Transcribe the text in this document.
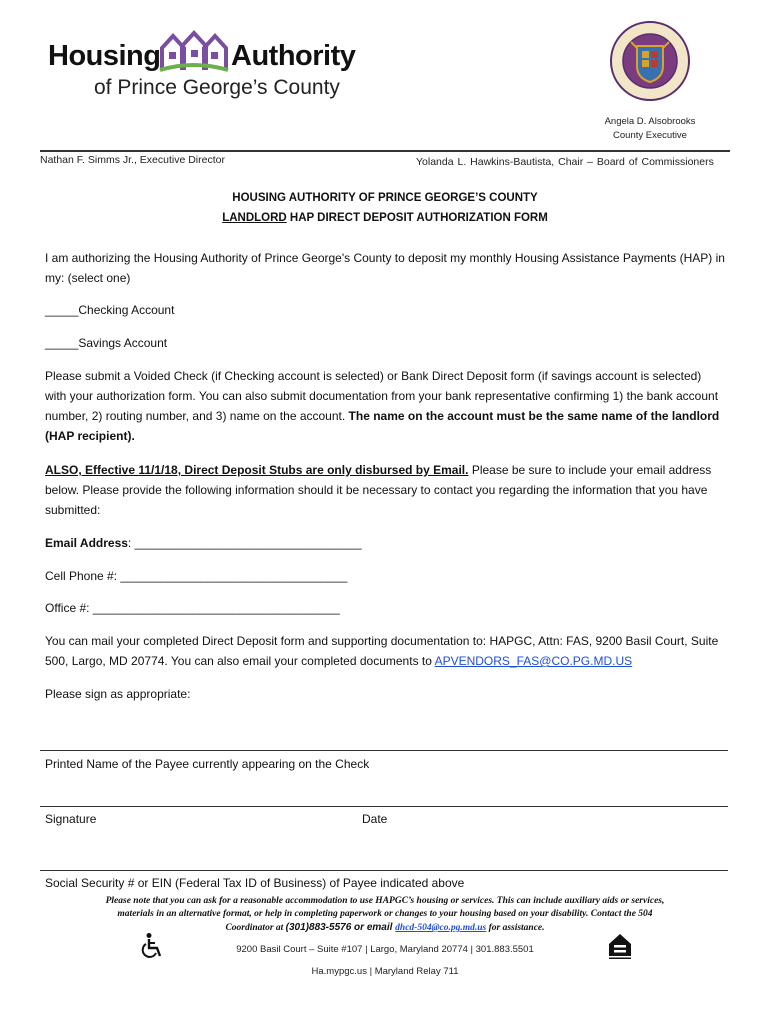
Housing Authority
of Prince George’s County
Angela D. Alsobrooks
County Executive
Nathan F. Simms Jr., Executive Director	Yolanda L. Hawkins-Bautista, Chair – Board of Commissioners
HOUSING AUTHORITY OF PRINCE GEORGE’S COUNTY
LANDLORD HAP DIRECT DEPOSIT AUTHORIZATION FORM
I am authorizing the Housing Authority of Prince George's County to deposit my monthly Housing Assistance Payments (HAP) in my: (select one)
_____Checking Account
_____Savings Account
Please submit a Voided Check (if Checking account is selected) or Bank Direct Deposit form (if savings account is selected) with your authorization form. You can also submit documentation from your bank representative confirming 1) the bank account number, 2) routing number, and 3) name on the account. The name on the account must be the same name of the landlord (HAP recipient).
ALSO, Effective 11/1/18, Direct Deposit Stubs are only disbursed by Email. Please be sure to include your email address below. Please provide the following information should it be necessary to contact you regarding the information that you have submitted:
Email Address: __________________________________
Cell Phone #: __________________________________
Office #: _____________________________________
You can mail your completed Direct Deposit form and supporting documentation to: HAPGC, Attn: FAS, 9200 Basil Court, Suite 500, Largo, MD 20774. You can also email your completed documents to APVENDORS_FAS@CO.PG.MD.US
Please sign as appropriate:
Printed Name of the Payee currently appearing on the Check
Signature	Date
Social Security # or EIN (Federal Tax ID of Business) of Payee indicated above
Please note that you can ask for a reasonable accommodation to use HAPGC’s housing or services. This can include auxiliary aids or services,
materials in an alternative format, or help in completing paperwork or changes to your housing based on your disability. Contact the 504
Coordinator at (301)883-5576 or email dhcd-504@co.pg.md.us for assistance.
9200 Basil Court – Suite #107 | Largo, Maryland 20774 | 301.883.5501
Ha.mypgc.us | Maryland Relay 711
